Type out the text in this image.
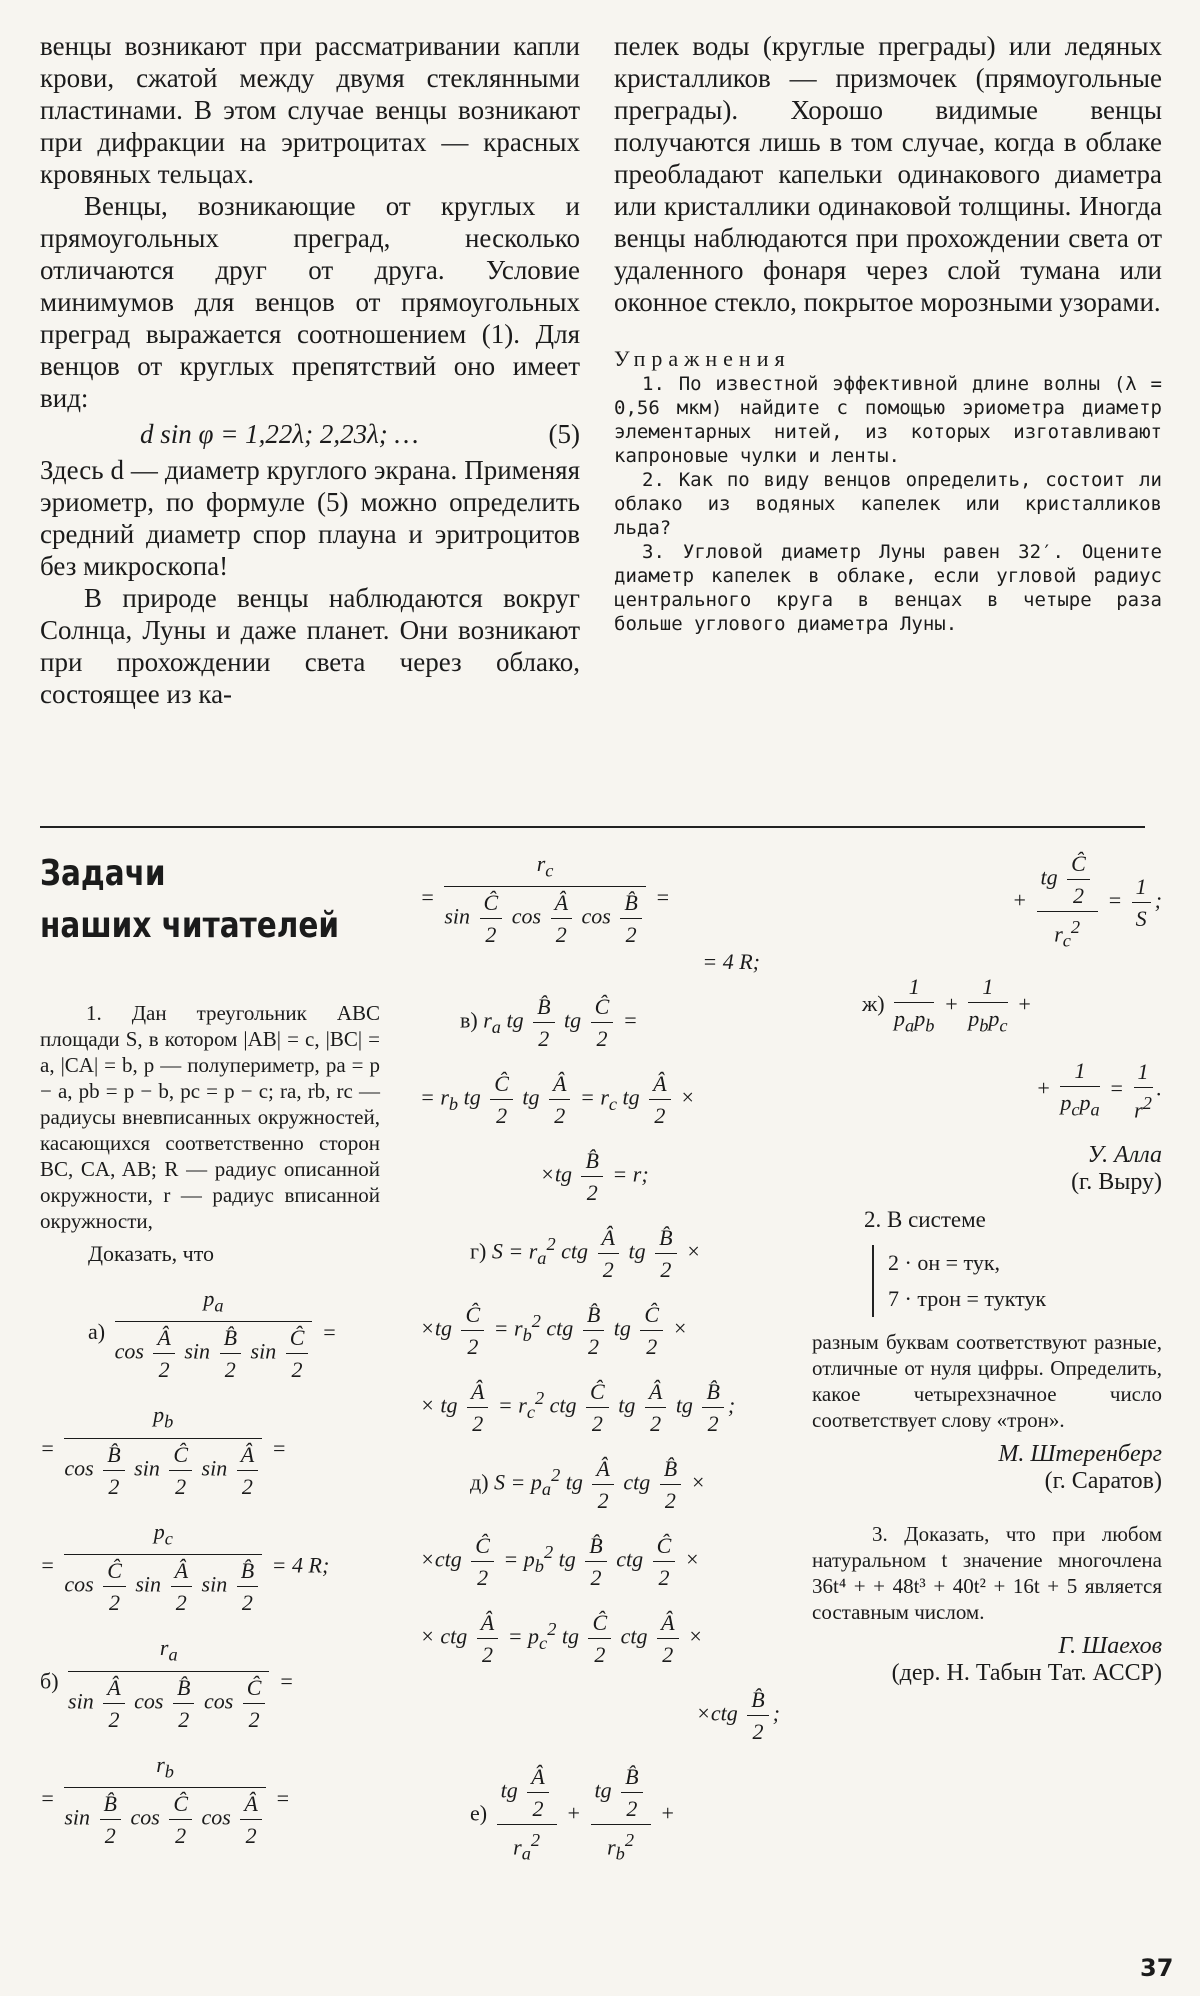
венцы возникают при рассматривании капли крови, сжатой между двумя стеклянными пластинами. В этом случае венцы возникают при дифракции на эритроцитах — красных кровяных тельцах.

Венцы, возникающие от круглых и прямоугольных преград, несколько отличаются друг от друга. Условие минимумов для венцов от прямоугольных преград выражается соотношением (1). Для венцов от круглых препятствий оно имеет вид:

d sin φ = 1,22λ; 2,23λ; …	(5)

Здесь d — диаметр круглого экрана. Применяя эриометр, по формуле (5) можно определить средний диаметр спор плауна и эритроцитов без микроскопа!

В природе венцы наблюдаются вокруг Солнца, Луны и даже планет. Они возникают при прохождении света через облако, состоящее из ка-

пелек воды (круглые преграды) или ледяных кристалликов — призмочек (прямоугольные преграды). Хорошо видимые венцы получаются лишь в том случае, когда в облаке преобладают капельки одинакового диаметра или кристаллики одинаковой толщины. Иногда венцы наблюдаются при прохождении света от удаленного фонаря через слой тумана или оконное стекло, покрытое морозными узорами.

Упражнения

1. По известной эффективной длине волны (λ = 0,56 мкм) найдите с помощью эриометра диаметр элементарных нитей, из которых изготавливают капроновые чулки и ленты.

2. Как по виду венцов определить, состоит ли облако из водяных капелек или кристалликов льда?

3. Угловой диаметр Луны равен 32′. Оцените диаметр капелек в облаке, если угловой радиус центрального круга в венцах в четыре раза больше углового диаметра Луны.

Задачи
наших читателей

1. Дан треугольник ABC площади S, в котором |AB| = c, |BC| = a, |CA| = b, p — полупериметр, pa = p − a, pb = p − b, pc = p − c; ra, rb, rc — радиусы вневписанных окружностей, касающихся соответственно сторон BC, CA, AB; R — радиус описанной окружности, r — радиус вписанной окружности,

Доказать, что
$а) \frac{p_a}{\cos \frac{Â}{2} \sin \frac{B̂}{2} \sin \frac{Ĉ}{2}}$ =
= $\frac{p_b}{\cos \frac{B̂}{2} \sin \frac{Ĉ}{2} \sin \frac{Â}{2}}$ =
= $\frac{p_c}{\cos \frac{Ĉ}{2} \sin \frac{Â}{2} \sin \frac{B̂}{2}} = 4$ R;
$б) \frac{r_a}{\sin \frac{Â}{2} \cos \frac{B̂}{2} \cos \frac{Ĉ}{2}}$ =
= $\frac{r_b}{\sin \frac{B̂}{2} \cos \frac{Ĉ}{2} \cos \frac{Â}{2}}$ =
= $\frac{r_c}{\sin \frac{Ĉ}{2} \cos \frac{Â}{2} \cos \frac{B̂}{2}}$ =
= 4 R;
в) $r_a$ tg $\frac{B̂}{2}$ tg $\frac{Ĉ}{2}$ =
= $r_b$ tg $\frac{Ĉ}{2}$ tg $\frac{Â}{2} = r_c$ tg $\frac{Â}{2}$ ×
$\times tg \frac{B̂}{2} = r$;
г) $S = r_a^2$ ctg $\frac{Â}{2}$ tg $\frac{B̂}{2}$ ×
$\times tg \frac{Ĉ}{2} = r_b^2$ ctg $\frac{B̂}{2}$ tg $\frac{Ĉ}{2}$ ×
× tg $\frac{Â}{2} = r_c^2$ ctg $\frac{Ĉ}{2}$ tg $\frac{Â}{2}$ tg $\frac{B̂}{2}$ ;
д) $S = p_a^2$ tg $\frac{Â}{2}$ ctg $\frac{B̂}{2}$ ×
$\times ctg \frac{Ĉ}{2} = p_b^2$ tg $\frac{B̂}{2}$ ctg $\frac{Ĉ}{2}$ ×
× ctg $\frac{Â}{2} = p_c^2$ tg $\frac{Ĉ}{2}$ ctg $\frac{Â}{2}$ ×
$\times ctg \frac{B̂}{2}$ ;
$е) \frac{tg \frac{Â}{2}}{r_a^2} + \frac{tg \frac{B̂}{2}}{r_b^2}$ +
+ $\frac{tg \frac{Ĉ}{2}}{r_c^2} = \frac{1}{S}$ ;
$ж) \frac{1}{p_ap_b} + \frac{1}{p_bp_c}$ +
+ $\frac{1}{p_cp_a} = \frac{1}{r^2}$ .
У. Алла
(г. Выру)
2. В системе
2 · он = тук,
7 · трон = туктук
разным буквам соответствуют разные, отличные от нуля цифры. Определить, какое четырехзначное число соответствует слову «трон».
М. Штеренберг
(г. Саратов)

3. Доказать, что при любом натуральном t значение многочлена 36t⁴ + + 48t³ + 40t² + 16t + 5 является составным числом.

Г. Шаехов
(дер. Н. Табын Тат. АССР)
37
